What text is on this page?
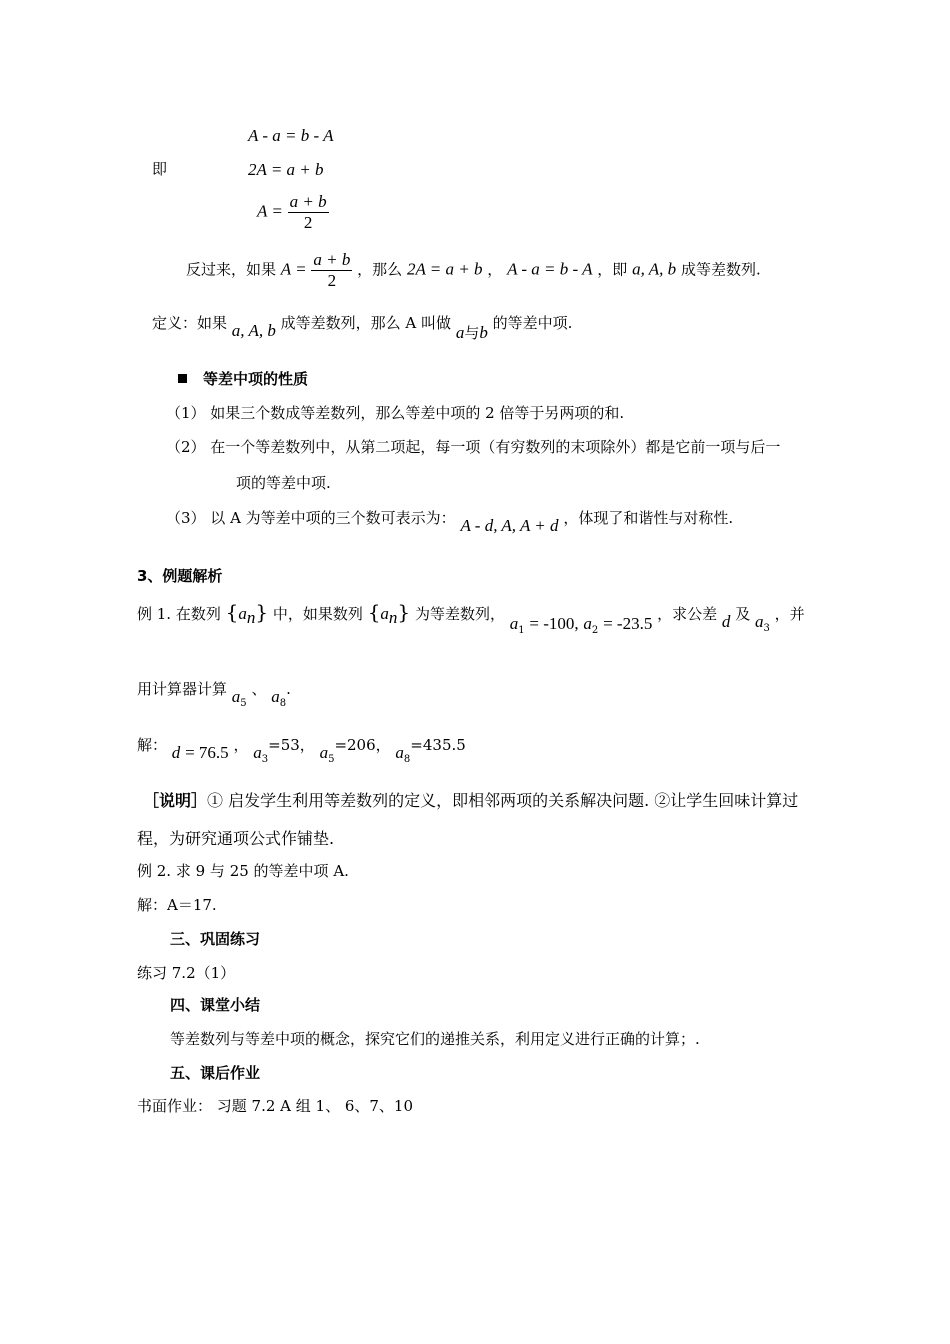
A - a = b - A
即	2A = a + b
$A = \frac{a + b}{2}$
反过来，如果 $A = \frac{a + b}{2}$ ，那么 2A = a + b ， A - a = b - A ，即 a, A, b 成等差数列.
定义：如果 a, A, b 成等差数列，那么 A 叫做 a与b 的等差中项.
等差中项的性质
（1） 如果三个数成等差数列，那么等差中项的 2 倍等于另两项的和.
（2） 在一个等差数列中，从第二项起，每一项（有穷数列的末项除外）都是它前一项与后一
项的等差中项.
（3） 以 A 为等差中项的三个数可表示为： A - d, A, A + d ，体现了和谐性与对称性.
3、例题解析
例 1. 在数列 $\{a_n\}$ 中，如果数列 $\{a_n\}$ 为等差数列， $a_1 = -100$, $a_2 = -23.5$ ，求公差 d 及 $a_3$ ，并
用计算器计算 $a_5$ 、 $a_8$.
解： d = 76.5 ， $a_3=53$， $a_5=206$， $a_8=435.5$
［说明］① 启发学生利用等差数列的定义，即相邻两项的关系解决问题. ②让学生回味计算过
程，为研究通项公式作铺垫.
例 2. 求 9 与 25 的等差中项 A.
解：A＝17.
三、巩固练习
练习 7.2（1）
四、课堂小结
等差数列与等差中项的概念，探究它们的递推关系，利用定义进行正确的计算；.
五、课后作业
书面作业： 习题 7.2 A 组 1、 6、7、10
